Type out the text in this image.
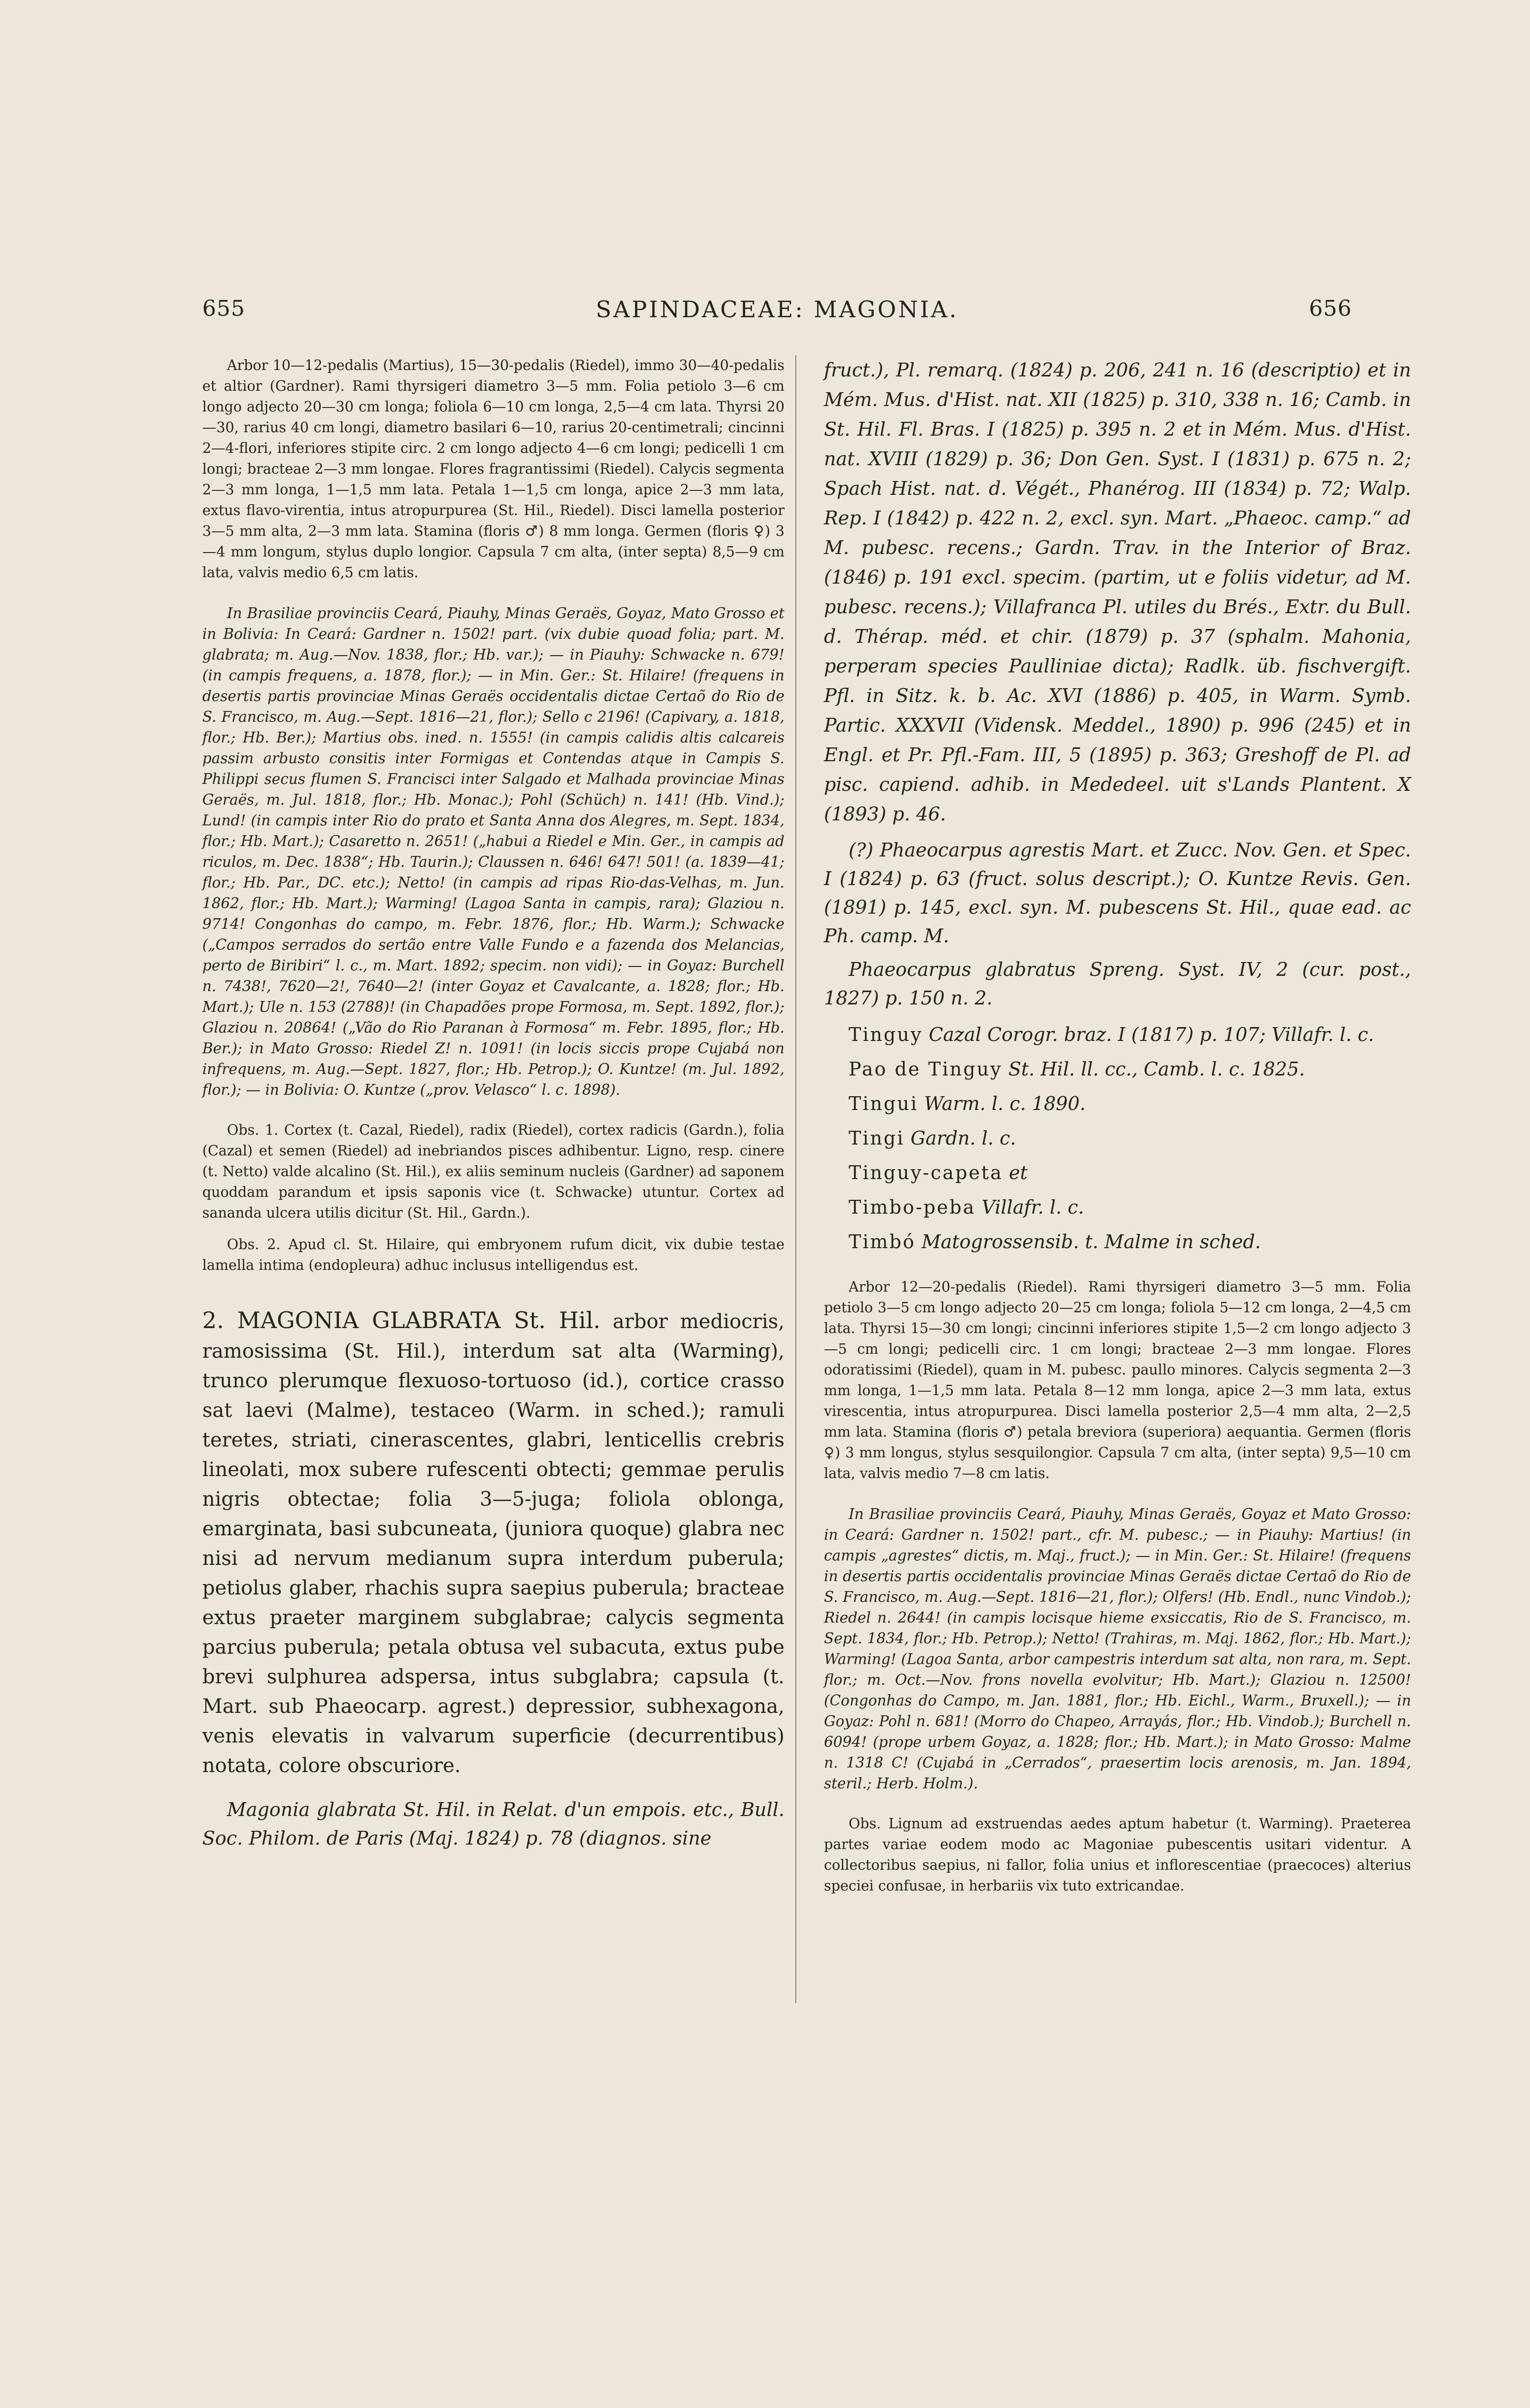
655	SAPINDACEAE: MAGONIA.	656

Arbor 10—12-pedalis (Martius), 15—30-pedalis (Riedel), immo 30—40-pedalis et altior (Gardner). Rami thyrsigeri diametro 3—5 mm. Folia petiolo 3—6 cm longo adjecto 20—30 cm longa; foliola 6—10 cm longa, 2,5—4 cm lata. Thyrsi 20—30, rarius 40 cm longi, diametro basilari 6—10, rarius 20-centimetrali; cincinni 2—4-flori, inferiores stipite circ. 2 cm longo adjecto 4—6 cm longi; pedicelli 1 cm longi; bracteae 2—3 mm longae. Flores fragrantissimi (Riedel). Calycis segmenta 2—3 mm longa, 1—1,5 mm lata. Petala 1—1,5 cm longa, apice 2—3 mm lata, extus flavo-virentia, intus atropurpurea (St. Hil., Riedel). Disci lamella posterior 3—5 mm alta, 2—3 mm lata. Stamina (floris ♂) 8 mm longa. Germen (floris ♀) 3—4 mm longum, stylus duplo longior. Capsula 7 cm alta, (inter septa) 8,5—9 cm lata, valvis medio 6,5 cm latis.

In Brasiliae provinciis Ceará, Piauhy, Minas Geraës, Goyaz, Mato Grosso et in Bolivia: In Ceará: Gardner n. 1502! part. (vix dubie quoad folia; part. M. glabrata; m. Aug.—Nov. 1838, flor.; Hb. var.); — in Piauhy: Schwacke n. 679! (in campis frequens, a. 1878, flor.); — in Min. Ger.: St. Hilaire! (frequens in desertis partis provinciae Minas Geraës occidentalis dictae Certaõ do Rio de S. Francisco, m. Aug.—Sept. 1816—21, flor.); Sello c 2196! (Capivary, a. 1818, flor.; Hb. Ber.); Martius obs. ined. n. 1555! (in campis calidis altis calcareis passim arbusto consitis inter Formigas et Contendas atque in Campis S. Philippi secus flumen S. Francisci inter Salgado et Malhada provinciae Minas Geraës, m. Jul. 1818, flor.; Hb. Monac.); Pohl (Schüch) n. 141! (Hb. Vind.); Lund! (in campis inter Rio do prato et Santa Anna dos Alegres, m. Sept. 1834, flor.; Hb. Mart.); Casaretto n. 2651! („habui a Riedel e Min. Ger., in campis ad riculos, m. Dec. 1838“; Hb. Taurin.); Claussen n. 646! 647! 501! (a. 1839—41; flor.; Hb. Par., DC. etc.); Netto! (in campis ad ripas Rio-das-Velhas, m. Jun. 1862, flor.; Hb. Mart.); Warming! (Lagoa Santa in campis, rara); Glaziou n. 9714! Congonhas do campo, m. Febr. 1876, flor.; Hb. Warm.); Schwacke („Campos serrados do sertão entre Valle Fundo e a fazenda dos Melancias, perto de Biribiri“ l. c., m. Mart. 1892; specim. non vidi); — in Goyaz: Burchell n. 7438!, 7620—2!, 7640—2! (inter Goyaz et Cavalcante, a. 1828; flor.; Hb. Mart.); Ule n. 153 (2788)! (in Chapadões prope Formosa, m. Sept. 1892, flor.); Glaziou n. 20864! („Vão do Rio Paranan à Formosa“ m. Febr. 1895, flor.; Hb. Ber.); in Mato Grosso: Riedel Z! n. 1091! (in locis siccis prope Cujabá non infrequens, m. Aug.—Sept. 1827, flor.; Hb. Petrop.); O. Kuntze! (m. Jul. 1892, flor.); — in Bolivia: O. Kuntze („prov. Velasco“ l. c. 1898).

Obs. 1. Cortex (t. Cazal, Riedel), radix (Riedel), cortex radicis (Gardn.), folia (Cazal) et semen (Riedel) ad inebriandos pisces adhibentur. Ligno, resp. cinere (t. Netto) valde alcalino (St. Hil.), ex aliis seminum nucleis (Gardner) ad saponem quoddam parandum et ipsis saponis vice (t. Schwacke) utuntur. Cortex ad sananda ulcera utilis dicitur (St. Hil., Gardn.).

Obs. 2. Apud cl. St. Hilaire, qui embryonem rufum dicit, vix dubie testae lamella intima (endopleura) adhuc inclusus intelligendus est.

2. MAGONIA GLABRATA St. Hil. arbor mediocris, ramosissima (St. Hil.), interdum sat alta (Warming), trunco plerumque flexuoso-tortuoso (id.), cortice crasso sat laevi (Malme), testaceo (Warm. in sched.); ramuli teretes, striati, cinerascentes, glabri, lenticellis crebris lineolati, mox subere rufescenti obtecti; gemmae perulis nigris obtectae; folia 3—5-juga; foliola oblonga, emarginata, basi subcuneata, (juniora quoque) glabra nec nisi ad nervum medianum supra interdum puberula; petiolus glaber, rhachis supra saepius puberula; bracteae extus praeter marginem subglabrae; calycis segmenta parcius puberula; petala obtusa vel subacuta, extus pube brevi sulphurea adspersa, intus subglabra; capsula (t. Mart. sub Phaeocarp. agrest.) depressior, subhexagona, venis elevatis in valvarum superficie (decurrentibus) notata, colore obscuriore.

Magonia glabrata St. Hil. in Relat. d'un empois. etc., Bull. Soc. Philom. de Paris (Maj. 1824) p. 78 (diagnos. sine

fruct.), Pl. remarq. (1824) p. 206, 241 n. 16 (descriptio) et in Mém. Mus. d'Hist. nat. XII (1825) p. 310, 338 n. 16; Camb. in St. Hil. Fl. Bras. I (1825) p. 395 n. 2 et in Mém. Mus. d'Hist. nat. XVIII (1829) p. 36; Don Gen. Syst. I (1831) p. 675 n. 2; Spach Hist. nat. d. Végét., Phanérog. III (1834) p. 72; Walp. Rep. I (1842) p. 422 n. 2, excl. syn. Mart. „Phaeoc. camp.“ ad M. pubesc. recens.; Gardn. Trav. in the Interior of Braz. (1846) p. 191 excl. specim. (partim, ut e foliis videtur, ad M. pubesc. recens.); Villafranca Pl. utiles du Brés., Extr. du Bull. d. Thérap. méd. et chir. (1879) p. 37 (sphalm. Mahonia, perperam species Paulliniae dicta); Radlk. üb. fischvergift. Pfl. in Sitz. k. b. Ac. XVI (1886) p. 405, in Warm. Symb. Partic. XXXVII (Vidensk. Meddel., 1890) p. 996 (245) et in Engl. et Pr. Pfl.-Fam. III, 5 (1895) p. 363; Greshoff de Pl. ad pisc. capiend. adhib. in Mededeel. uit s'Lands Plantent. X (1893) p. 46.

(?) Phaeocarpus agrestis Mart. et Zucc. Nov. Gen. et Spec. I (1824) p. 63 (fruct. solus descript.); O. Kuntze Revis. Gen. (1891) p. 145, excl. syn. M. pubescens St. Hil., quae ead. ac Ph. camp. M.

Phaeocarpus glabratus Spreng. Syst. IV, 2 (cur. post., 1827) p. 150 n. 2.

Tinguy Cazal Corogr. braz. I (1817) p. 107; Villafr. l. c.
Pao de Tinguy St. Hil. ll. cc., Camb. l. c. 1825.
Tingui Warm. l. c. 1890.
Tingi Gardn. l. c.
Tinguy-capeta et
Timbo-peba Villafr. l. c.
Timbó Matogrossensib. t. Malme in sched.

Arbor 12—20-pedalis (Riedel). Rami thyrsigeri diametro 3—5 mm. Folia petiolo 3—5 cm longo adjecto 20—25 cm longa; foliola 5—12 cm longa, 2—4,5 cm lata. Thyrsi 15—30 cm longi; cincinni inferiores stipite 1,5—2 cm longo adjecto 3—5 cm longi; pedicelli circ. 1 cm longi; bracteae 2—3 mm longae. Flores odoratissimi (Riedel), quam in M. pubesc. paullo minores. Calycis segmenta 2—3 mm longa, 1—1,5 mm lata. Petala 8—12 mm longa, apice 2—3 mm lata, extus virescentia, intus atropurpurea. Disci lamella posterior 2,5—4 mm alta, 2—2,5 mm lata. Stamina (floris ♂) petala breviora (superiora) aequantia. Germen (floris ♀) 3 mm longus, stylus sesquilongior. Capsula 7 cm alta, (inter septa) 9,5—10 cm lata, valvis medio 7—8 cm latis.

In Brasiliae provinciis Ceará, Piauhy, Minas Geraës, Goyaz et Mato Grosso: in Ceará: Gardner n. 1502! part., cfr. M. pubesc.; — in Piauhy: Martius! (in campis „agrestes“ dictis, m. Maj., fruct.); — in Min. Ger.: St. Hilaire! (frequens in desertis partis occidentalis provinciae Minas Geraës dictae Certaõ do Rio de S. Francisco, m. Aug.—Sept. 1816—21, flor.); Olfers! (Hb. Endl., nunc Vindob.); Riedel n. 2644! (in campis locisque hieme exsiccatis, Rio de S. Francisco, m. Sept. 1834, flor.; Hb. Petrop.); Netto! (Trahiras, m. Maj. 1862, flor.; Hb. Mart.); Warming! (Lagoa Santa, arbor campestris interdum sat alta, non rara, m. Sept. flor.; m. Oct.—Nov. frons novella evolvitur; Hb. Mart.); Glaziou n. 12500! (Congonhas do Campo, m. Jan. 1881, flor.; Hb. Eichl., Warm., Bruxell.); — in Goyaz: Pohl n. 681! (Morro do Chapeo, Arrayás, flor.; Hb. Vindob.); Burchell n. 6094! (prope urbem Goyaz, a. 1828; flor.; Hb. Mart.); in Mato Grosso: Malme n. 1318 C! (Cujabá in „Cerrados“, praesertim locis arenosis, m. Jan. 1894, steril.; Herb. Holm.).

Obs. Lignum ad exstruendas aedes aptum habetur (t. Warming). Praeterea partes variae eodem modo ac Magoniae pubescentis usitari videntur. A collectoribus saepius, ni fallor, folia unius et inflorescentiae (praecoces) alterius speciei confusae, in herbariis vix tuto extricandae.
